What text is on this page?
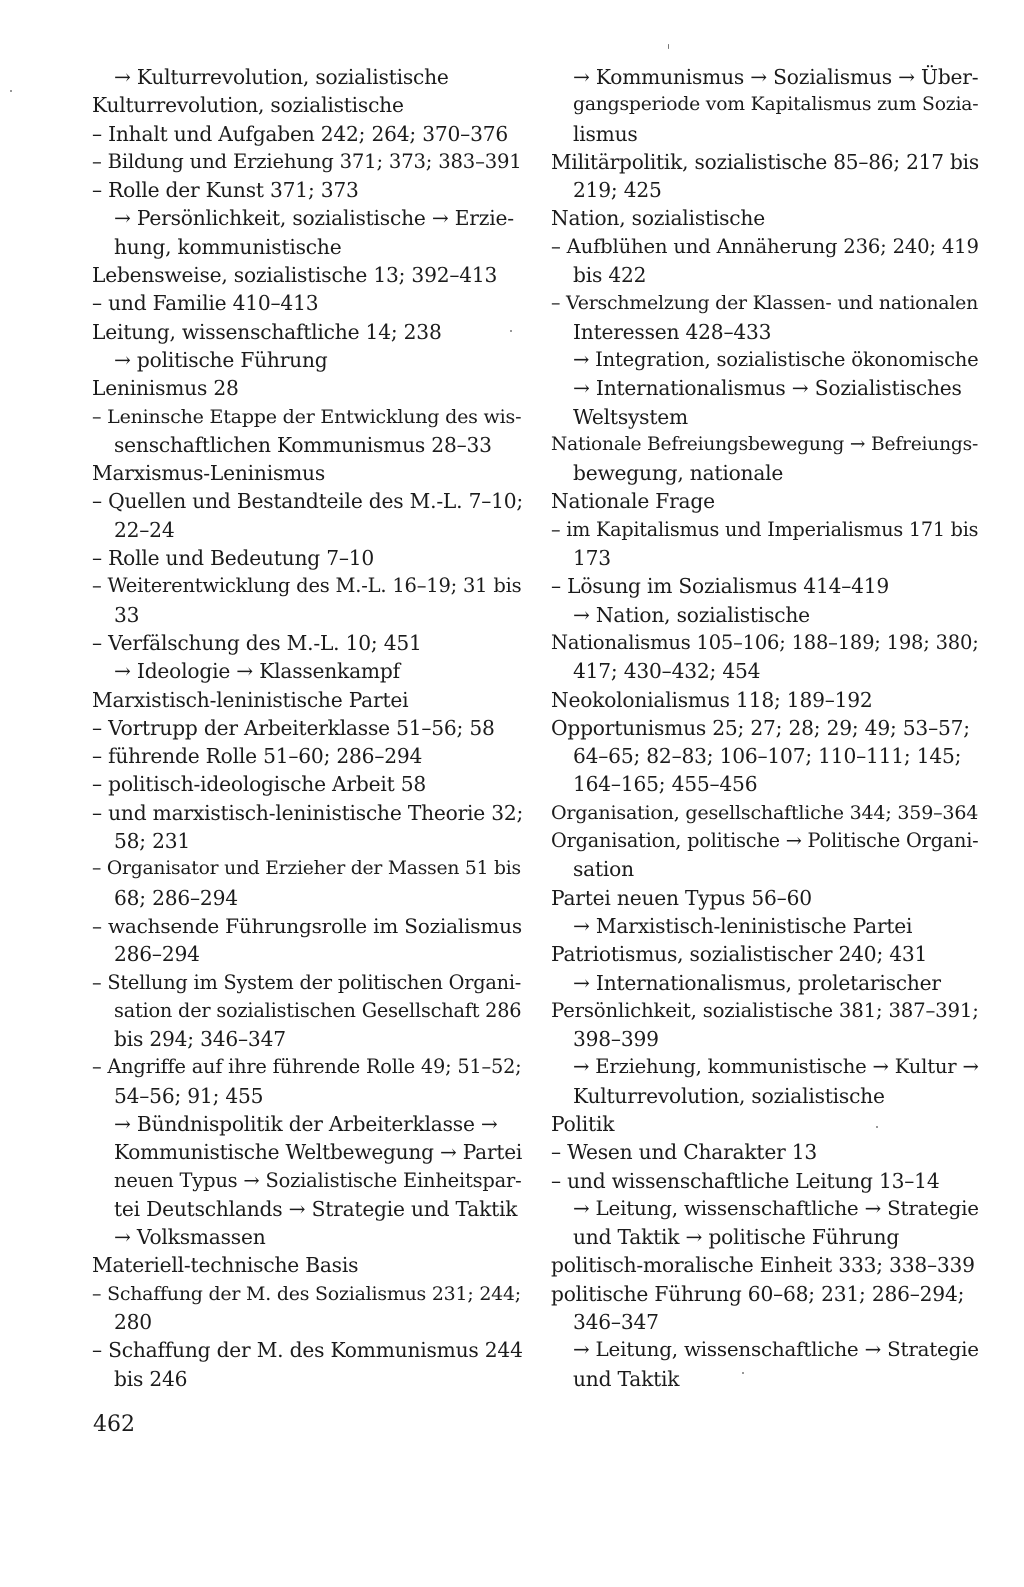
→ Kulturrevolution, sozialistische
Kulturrevolution, sozialistische
– Inhalt und Aufgaben 242; 264; 370–376
– Bildung und Erziehung 371; 373; 383–391
– Rolle der Kunst 371; 373
→ Persönlichkeit, sozialistische → Erzie-
hung, kommunistische
Lebensweise, sozialistische 13; 392–413
– und Familie 410–413
Leitung, wissenschaftliche 14; 238
→ politische Führung
Leninismus 28
– Leninsche Etappe der Entwicklung des wis-
senschaftlichen Kommunismus 28–33
Marxismus-Leninismus
– Quellen und Bestandteile des M.-L. 7–10;
22–24
– Rolle und Bedeutung 7–10
– Weiterentwicklung des M.-L. 16–19; 31 bis
33
– Verfälschung des M.-L. 10; 451
→ Ideologie → Klassenkampf
Marxistisch-leninistische Partei
– Vortrupp der Arbeiterklasse 51–56; 58
– führende Rolle 51–60; 286–294
– politisch-ideologische Arbeit 58
– und marxistisch-leninistische Theorie 32;
58; 231
– Organisator und Erzieher der Massen 51 bis
68; 286–294
– wachsende Führungsrolle im Sozialismus
286–294
– Stellung im System der politischen Organi-
sation der sozialistischen Gesellschaft 286
bis 294; 346–347
– Angriffe auf ihre führende Rolle 49; 51–52;
54–56; 91; 455
→ Bündnispolitik der Arbeiterklasse →
Kommunistische Weltbewegung → Partei
neuen Typus → Sozialistische Einheitspar-
tei Deutschlands → Strategie und Taktik
→ Volksmassen
Materiell-technische Basis
– Schaffung der M. des Sozialismus 231; 244;
280
– Schaffung der M. des Kommunismus 244
bis 246
→ Kommunismus → Sozialismus → Über-
gangsperiode vom Kapitalismus zum Sozia-
lismus
Militärpolitik, sozialistische 85–86; 217 bis
219; 425
Nation, sozialistische
– Aufblühen und Annäherung 236; 240; 419
bis 422
– Verschmelzung der Klassen- und nationalen
Interessen 428–433
→ Integration, sozialistische ökonomische
→ Internationalismus → Sozialistisches
Weltsystem
Nationale Befreiungsbewegung → Befreiungs-
bewegung, nationale
Nationale Frage
– im Kapitalismus und Imperialismus 171 bis
173
– Lösung im Sozialismus 414–419
→ Nation, sozialistische
Nationalismus 105–106; 188–189; 198; 380;
417; 430–432; 454
Neokolonialismus 118; 189–192
Opportunismus 25; 27; 28; 29; 49; 53–57;
64–65; 82–83; 106–107; 110–111; 145;
164–165; 455–456
Organisation, gesellschaftliche 344; 359–364
Organisation, politische → Politische Organi-
sation
Partei neuen Typus 56–60
→ Marxistisch-leninistische Partei
Patriotismus, sozialistischer 240; 431
→ Internationalismus, proletarischer
Persönlichkeit, sozialistische 381; 387–391;
398–399
→ Erziehung, kommunistische → Kultur →
Kulturrevolution, sozialistische
Politik
– Wesen und Charakter 13
– und wissenschaftliche Leitung 13–14
→ Leitung, wissenschaftliche → Strategie
und Taktik → politische Führung
politisch-moralische Einheit 333; 338–339
politische Führung 60–68; 231; 286–294;
346–347
→ Leitung, wissenschaftliche → Strategie
und Taktik
462
